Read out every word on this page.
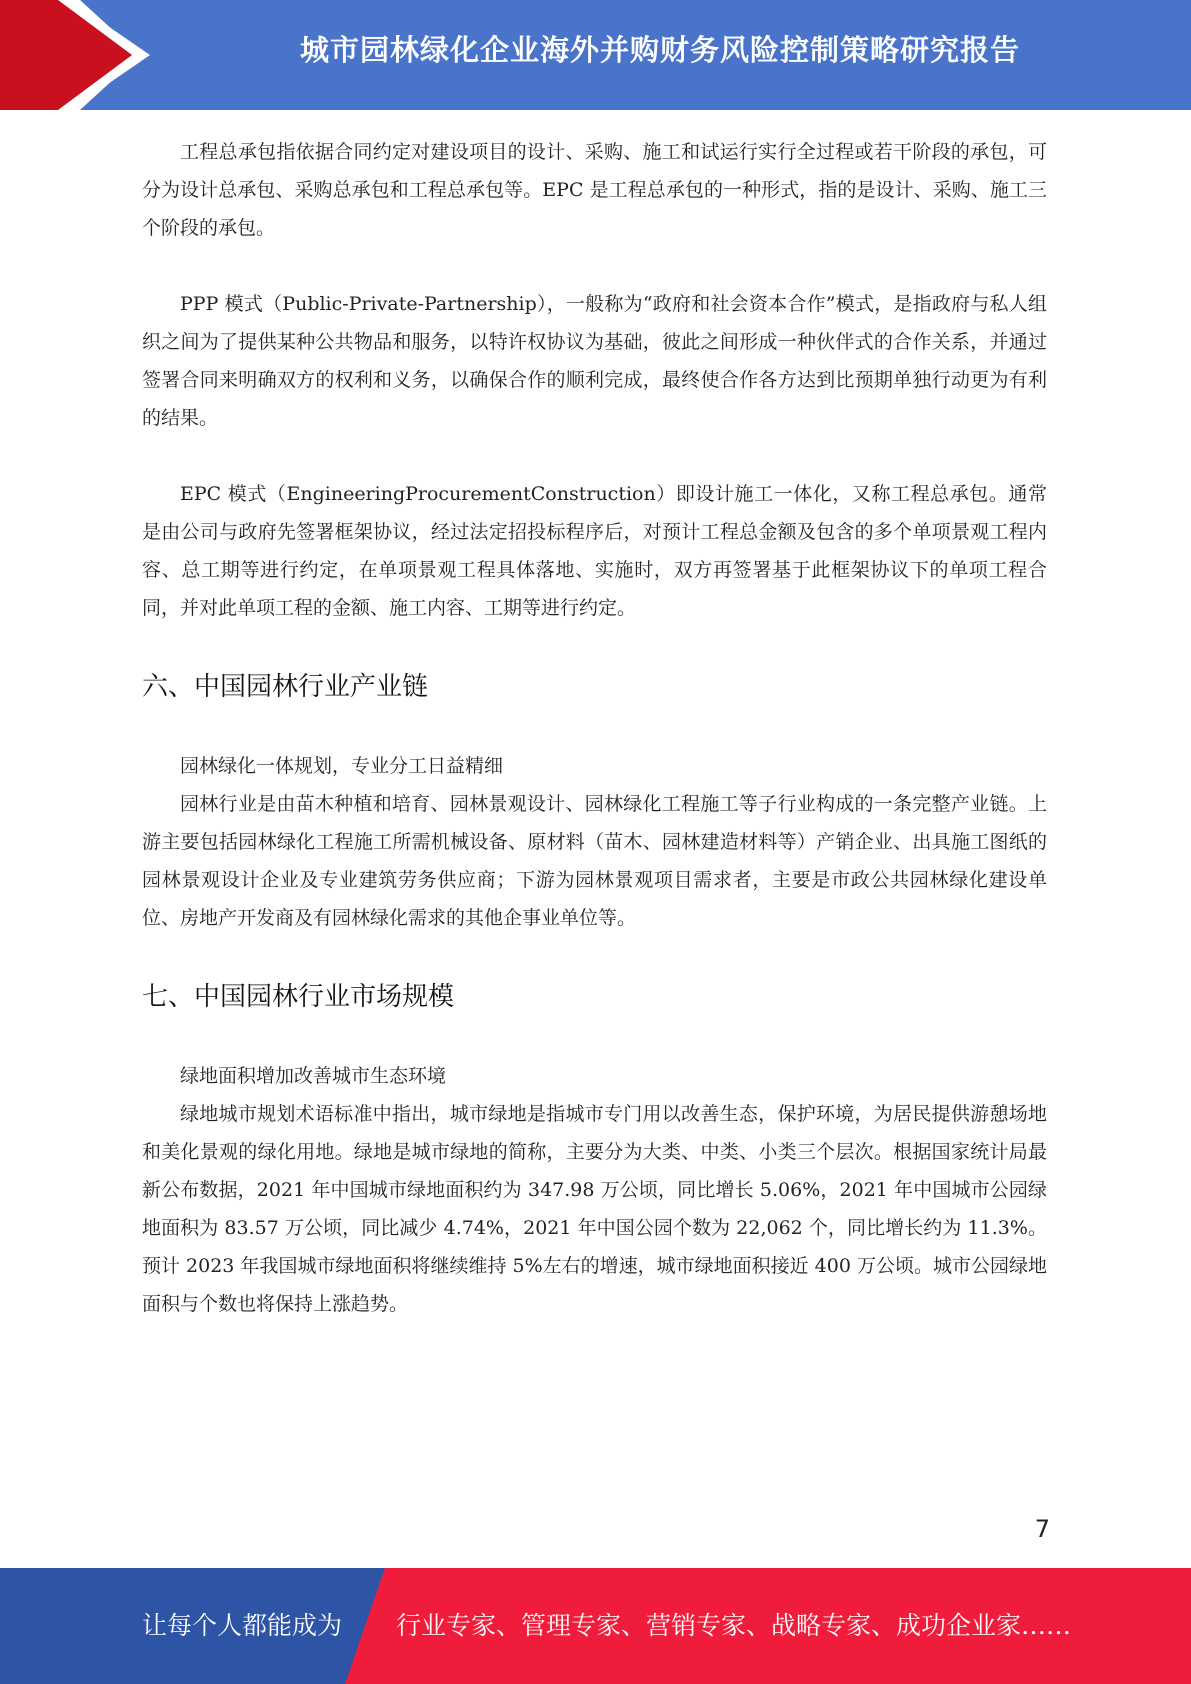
城市园林绿化企业海外并购财务风险控制策略研究报告

工程总承包指依据合同约定对建设项目的设计、采购、施工和试运行实行全过程或若干阶段的承包，可分为设计总承包、采购总承包和工程总承包等。EPC 是工程总承包的一种形式，指的是设计、采购、施工三个阶段的承包。

PPP 模式（Public-Private-Partnership），一般称为“政府和社会资本合作”模式，是指政府与私人组织之间为了提供某种公共物品和服务，以特许权协议为基础，彼此之间形成一种伙伴式的合作关系，并通过签署合同来明确双方的权利和义务，以确保合作的顺利完成，最终使合作各方达到比预期单独行动更为有利的结果。

EPC 模式（EngineeringProcurementConstruction）即设计施工一体化，又称工程总承包。通常是由公司与政府先签署框架协议，经过法定招投标程序后，对预计工程总金额及包含的多个单项景观工程内容、总工期等进行约定，在单项景观工程具体落地、实施时，双方再签署基于此框架协议下的单项工程合同，并对此单项工程的金额、施工内容、工期等进行约定。

六、中国园林行业产业链

园林绿化一体规划，专业分工日益精细

园林行业是由苗木种植和培育、园林景观设计、园林绿化工程施工等子行业构成的一条完整产业链。上游主要包括园林绿化工程施工所需机械设备、原材料（苗木、园林建造材料等）产销企业、出具施工图纸的园林景观设计企业及专业建筑劳务供应商；下游为园林景观项目需求者，主要是市政公共园林绿化建设单位、房地产开发商及有园林绿化需求的其他企事业单位等。

七、中国园林行业市场规模

绿地面积增加改善城市生态环境

绿地城市规划术语标准中指出，城市绿地是指城市专门用以改善生态，保护环境，为居民提供游憩场地和美化景观的绿化用地。绿地是城市绿地的简称，主要分为大类、中类、小类三个层次。根据国家统计局最新公布数据，2021 年中国城市绿地面积约为 347.98 万公顷，同比增长 5.06%，2021 年中国城市公园绿地面积为 83.57 万公顷，同比减少 4.74%，2021 年中国公园个数为 22,062 个，同比增长约为 11.3%。预计 2023 年我国城市绿地面积将继续维持 5%左右的增速，城市绿地面积接近 400 万公顷。城市公园绿地面积与个数也将保持上涨趋势。

7
让每个人都能成为 行业专家、管理专家、营销专家、战略专家、成功企业家……
